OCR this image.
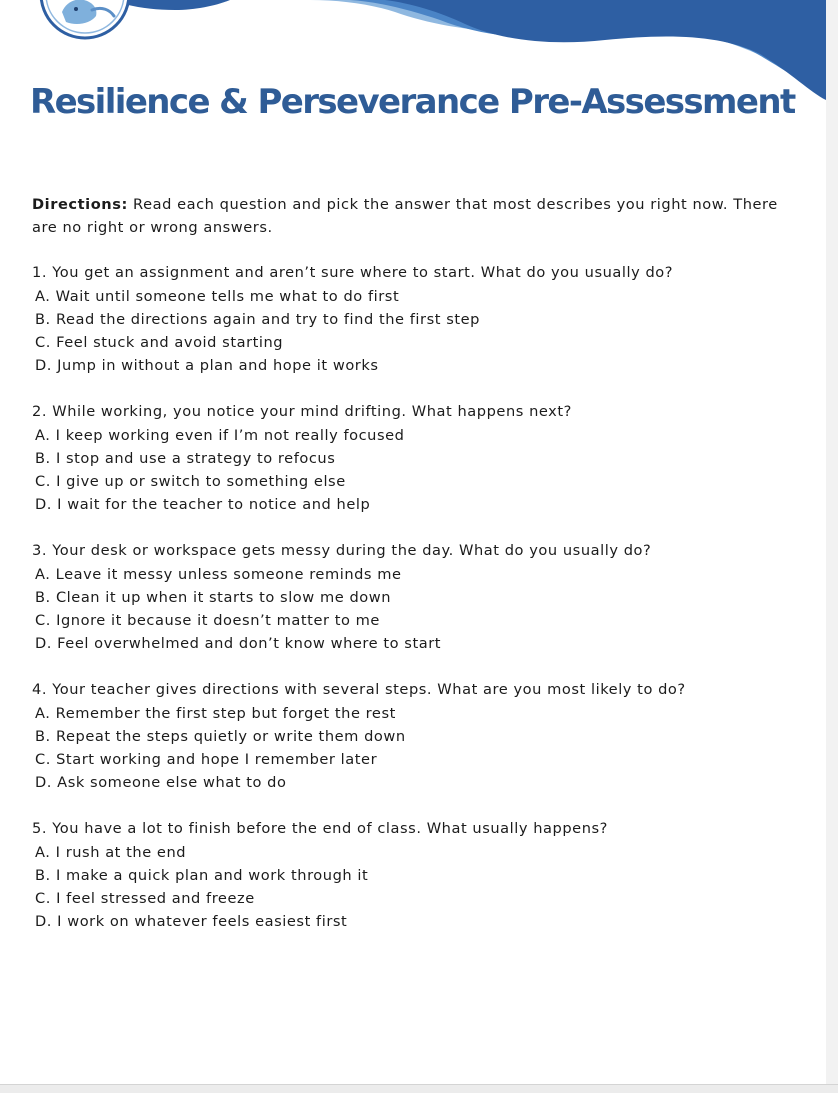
Resilience & Perseverance Pre-Assessment

Directions: Read each question and pick the answer that most describes you right now. There are no right or wrong answers.

1. You get an assignment and aren’t sure where to start. What do you usually do?
A. Wait until someone tells me what to do first
B. Read the directions again and try to find the first step
C. Feel stuck and avoid starting
D. Jump in without a plan and hope it works
2. While working, you notice your mind drifting. What happens next?
A. I keep working even if I’m not really focused
B. I stop and use a strategy to refocus
C. I give up or switch to something else
D. I wait for the teacher to notice and help
3. Your desk or workspace gets messy during the day. What do you usually do?
A. Leave it messy unless someone reminds me
B. Clean it up when it starts to slow me down
C. Ignore it because it doesn’t matter to me
D. Feel overwhelmed and don’t know where to start
4. Your teacher gives directions with several steps. What are you most likely to do?
A. Remember the first step but forget the rest
B. Repeat the steps quietly or write them down
C. Start working and hope I remember later
D. Ask someone else what to do
5. You have a lot to finish before the end of class. What usually happens?
A. I rush at the end
B. I make a quick plan and work through it
C. I feel stressed and freeze
D. I work on whatever feels easiest first
